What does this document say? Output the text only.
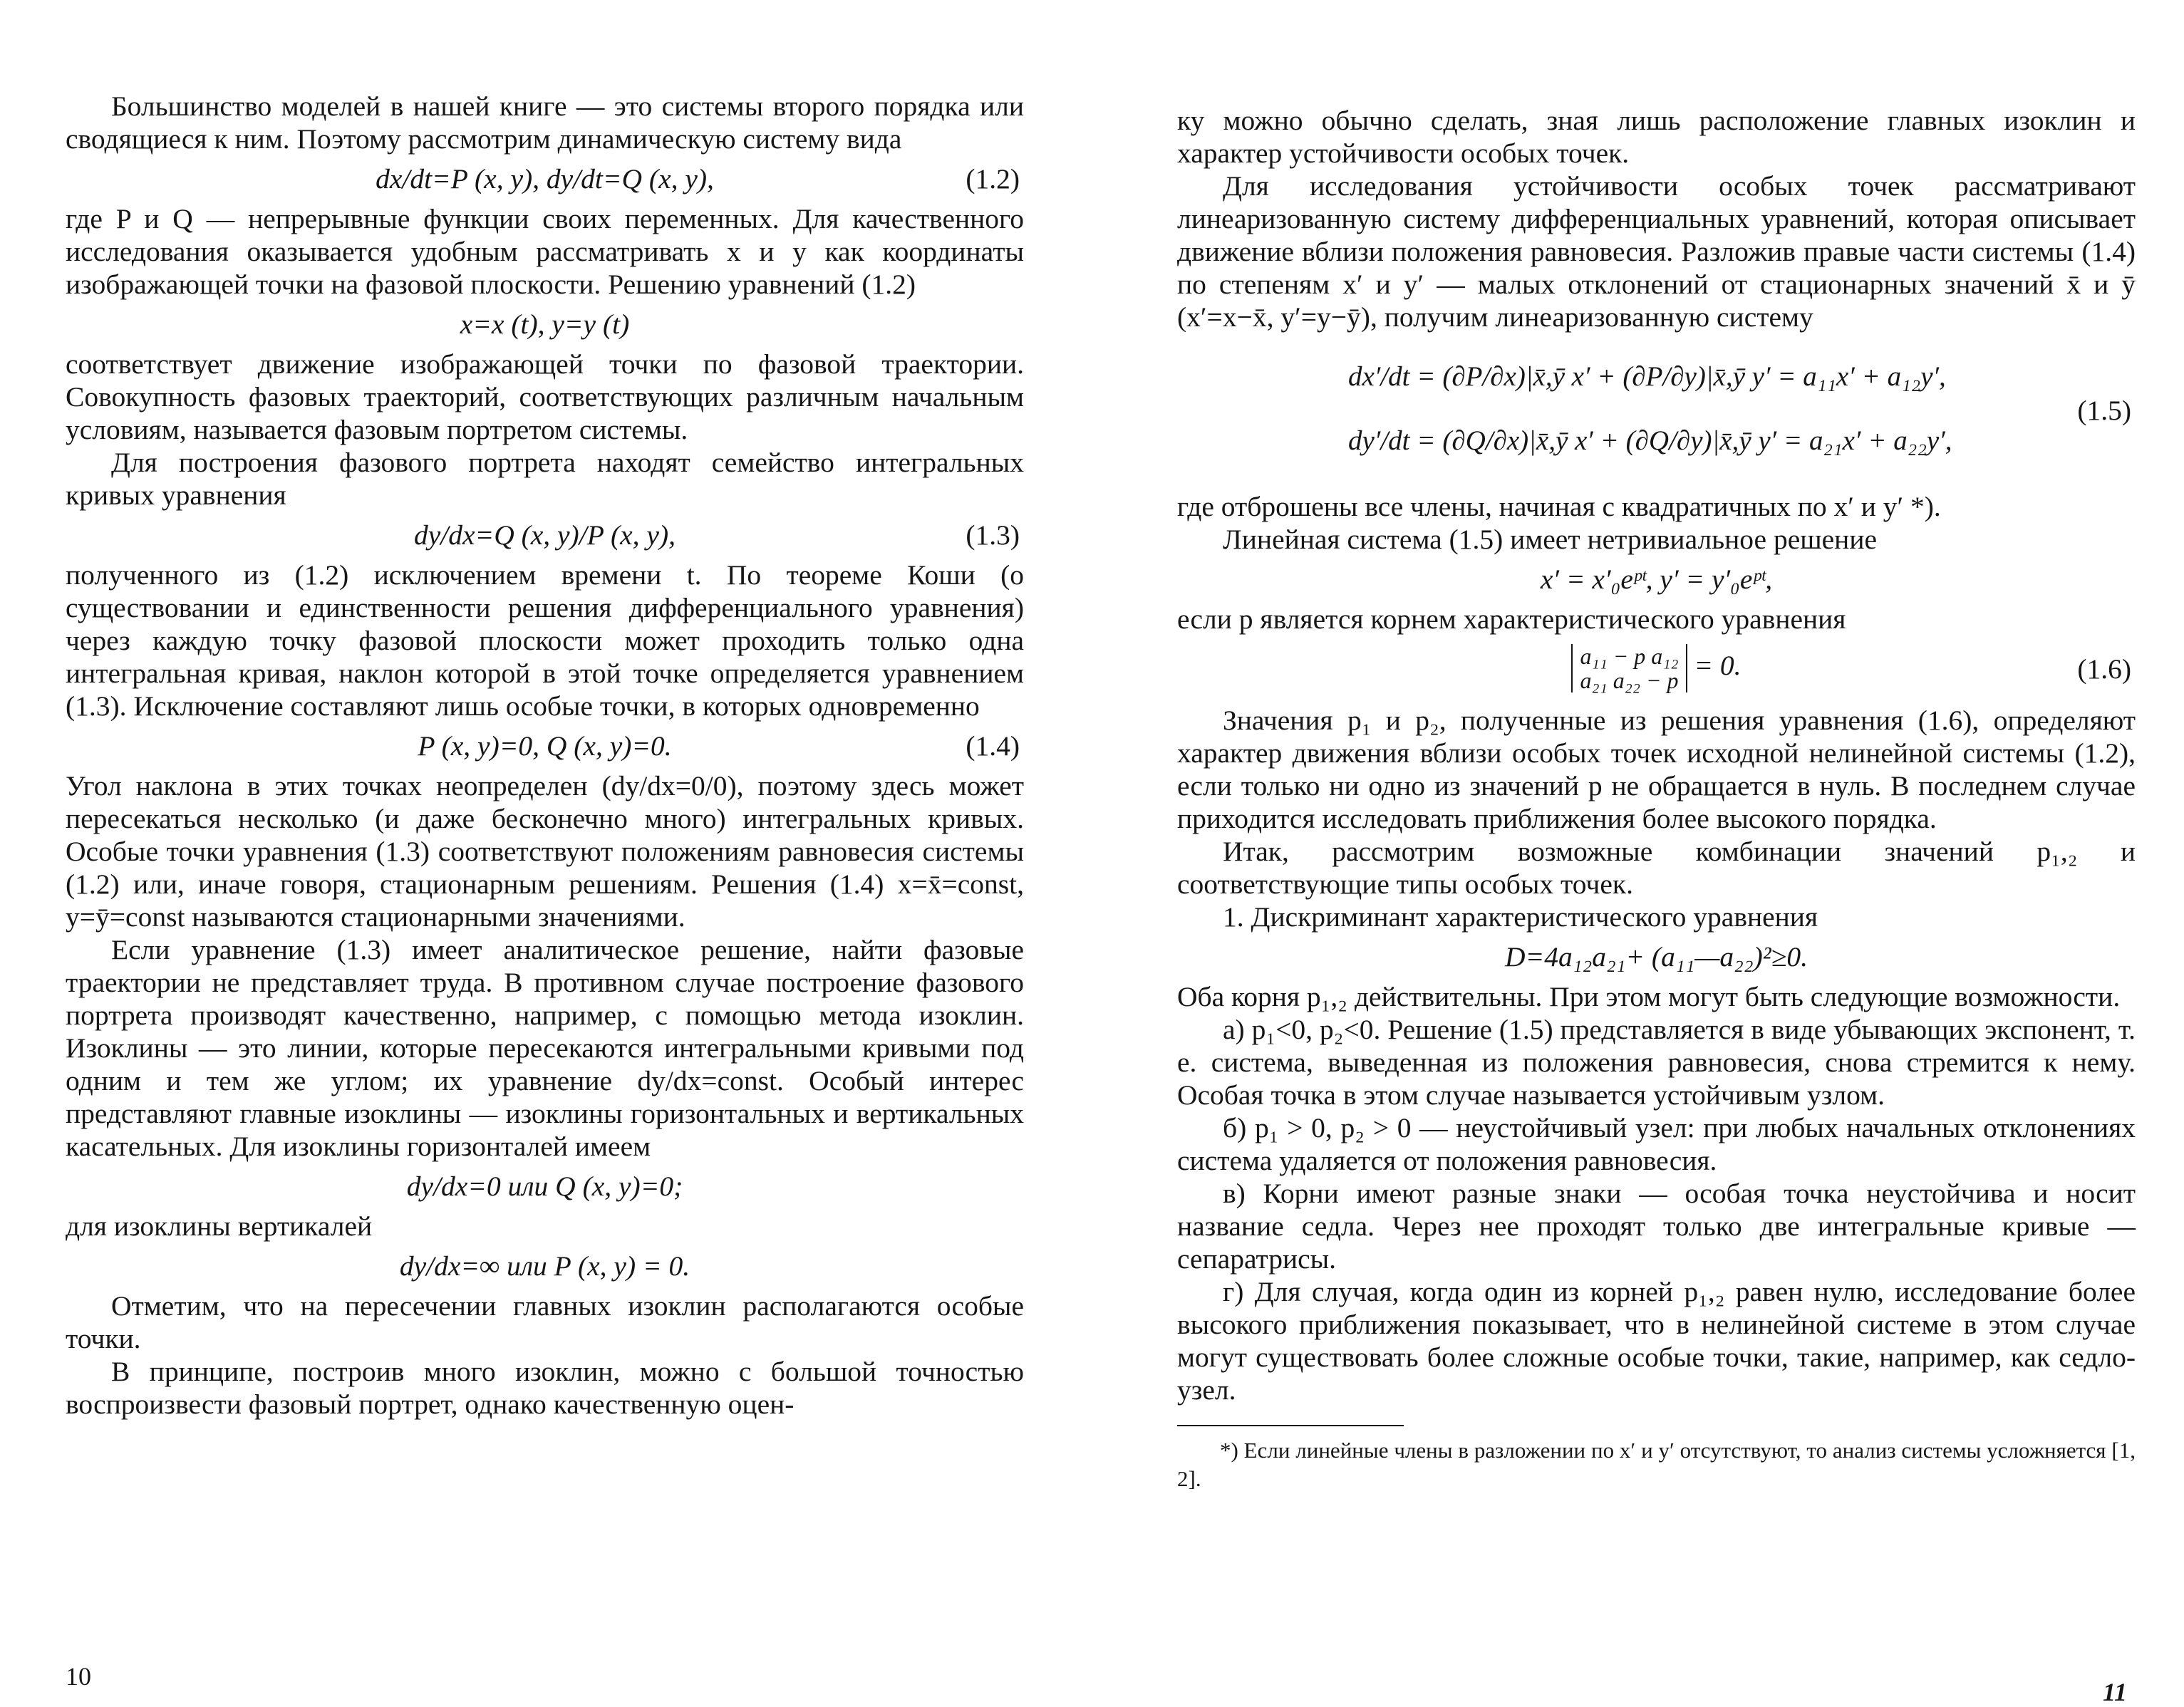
Большинство моделей в нашей книге — это системы второго порядка или сводящиеся к ним. Поэтому рассмотрим динамическую систему вида

dx/dt=P (x, y), dy/dt=Q (x, y),	(1.2)

где P и Q — непрерывные функции своих переменных. Для качественного исследования оказывается удобным рассматривать x и y как координаты изображающей точки на фазовой плоскости. Решению уравнений (1.2)

x=x (t), y=y (t)

соответствует движение изображающей точки по фазовой траектории. Совокупность фазовых траекторий, соответствующих различным начальным условиям, называется фазовым портретом системы.

Для построения фазового портрета находят семейство интегральных кривых уравнения

dy/dx=Q (x, y)/P (x, y),	(1.3)

полученного из (1.2) исключением времени t. По теореме Коши (о существовании и единственности решения дифференциального уравнения) через каждую точку фазовой плоскости может проходить только одна интегральная кривая, наклон которой в этой точке определяется уравнением (1.3). Исключение составляют лишь особые точки, в которых одновременно

P (x, y)=0, Q (x, y)=0.	(1.4)

Угол наклона в этих точках неопределен (dy/dx=0/0), поэтому здесь может пересекаться несколько (и даже бесконечно много) интегральных кривых. Особые точки уравнения (1.3) соответствуют положениям равновесия системы (1.2) или, иначе говоря, стационарным решениям. Решения (1.4) x=x̄=const, y=ȳ=const называются стационарными значениями.

Если уравнение (1.3) имеет аналитическое решение, найти фазовые траектории не представляет труда. В противном случае построение фазового портрета производят качественно, например, с помощью метода изоклин. Изоклины — это линии, которые пересекаются интегральными кривыми под одним и тем же углом; их уравнение dy/dx=const. Особый интерес представляют главные изоклины — изоклины горизонтальных и вертикальных касательных. Для изоклины горизонталей имеем

dy/dx=0 или Q (x, y)=0;

для изоклины вертикалей

dy/dx=∞ или P (x, y) = 0.

Отметим, что на пересечении главных изоклин располагаются особые точки.

В принципе, построив много изоклин, можно с большой точностью воспроизвести фазовый портрет, однако качественную оцен-

10

ку можно обычно сделать, зная лишь расположение главных изоклин и характер устойчивости особых точек.

Для исследования устойчивости особых точек рассматривают линеаризованную систему дифференциальных уравнений, которая описывает движение вблизи положения равновесия. Разложив правые части системы (1.4) по степеням x′ и y′ — малых отклонений от стационарных значений x̄ и ȳ (x′=x−x̄, y′=y−ȳ), получим линеаризованную систему

dx′/dt = (∂P/∂x)|x̄,ȳ x′ + (∂P/∂y)|x̄,ȳ y′ = a₁₁x′ + a₁₂y′,
dy′/dt = (∂Q/∂x)|x̄,ȳ x′ + (∂Q/∂y)|x̄,ȳ y′ = a₂₁x′ + a₂₂y′,
(1.5)

где отброшены все члены, начиная с квадратичных по x′ и y′ *).

Линейная система (1.5) имеет нетривиальное решение

x′ = x′₀eᵖᵗ, y′ = y′₀eᵖᵗ,

если p является корнем характеристического уравнения

a₁₁ − p a₁₂
a₂₁ a₂₂ − p = 0.	(1.6)

Значения p₁ и p₂, полученные из решения уравнения (1.6), определяют характер движения вблизи особых точек исходной нелинейной системы (1.2), если только ни одно из значений p не обращается в нуль. В последнем случае приходится исследовать приближения более высокого порядка.

Итак, рассмотрим возможные комбинации значений p₁,₂ и соответствующие типы особых точек.

1. Дискриминант характеристического уравнения

D=4a₁₂a₂₁+ (a₁₁—a₂₂)²≥0.

Оба корня p₁,₂ действительны. При этом могут быть следующие возможности.

а) p₁<0, p₂<0. Решение (1.5) представляется в виде убывающих экспонент, т. е. система, выведенная из положения равновесия, снова стремится к нему. Особая точка в этом случае называется устойчивым узлом.

б) p₁ > 0, p₂ > 0 — неустойчивый узел: при любых начальных отклонениях система удаляется от положения равновесия.

в) Корни имеют разные знаки — особая точка неустойчива и носит название седла. Через нее проходят только две интегральные кривые — сепаратрисы.

г) Для случая, когда один из корней p₁,₂ равен нулю, исследование более высокого приближения показывает, что в нелинейной системе в этом случае могут существовать более сложные особые точки, такие, например, как седло-узел.

*) Если линейные члены в разложении по x′ и y′ отсутствуют, то анализ системы усложняется [1, 2].

11
